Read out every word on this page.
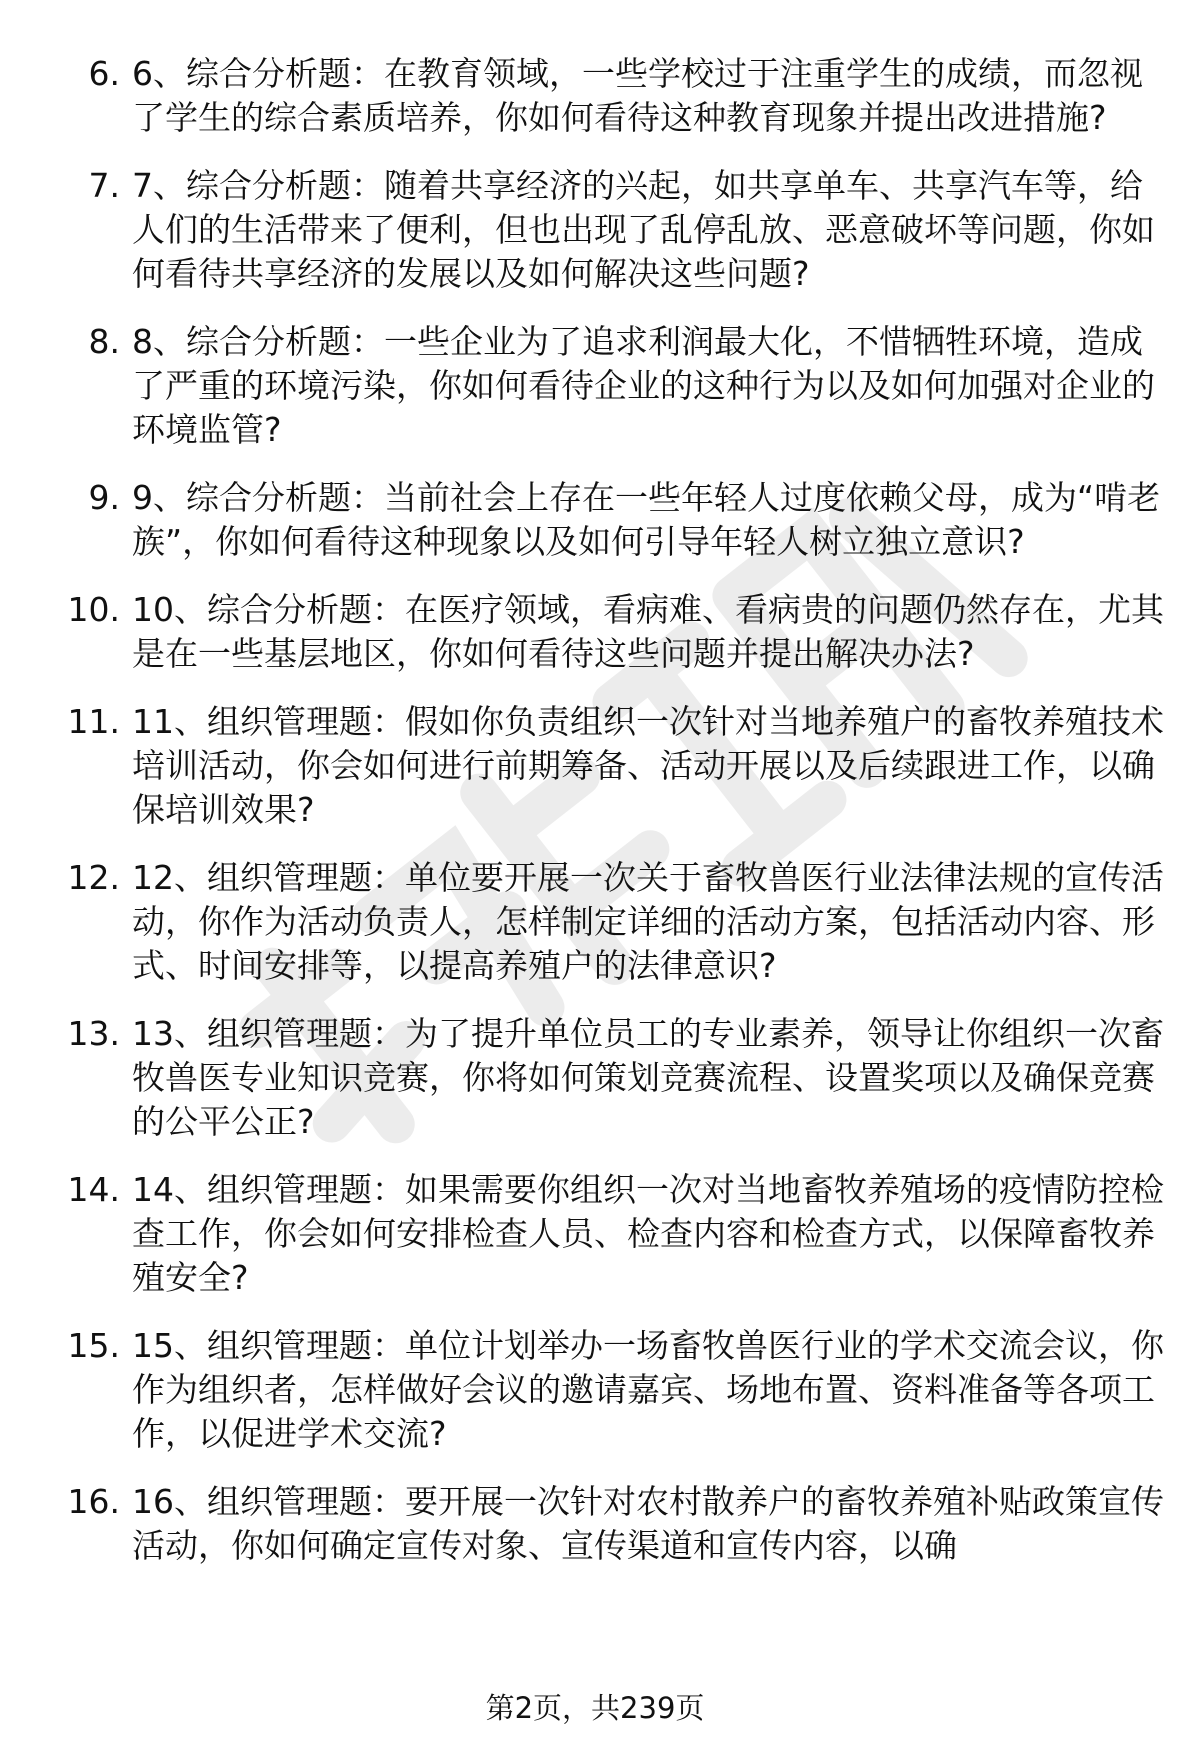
6. 6、综合分析题：在教育领域，一些学校过于注重学生的成绩，而忽视了学生的综合素质培养，你如何看待这种教育现象并提出改进措施?
7. 7、综合分析题：随着共享经济的兴起，如共享单车、共享汽车等，给人们的生活带来了便利，但也出现了乱停乱放、恶意破坏等问题，你如何看待共享经济的发展以及如何解决这些问题?
8. 8、综合分析题：一些企业为了追求利润最大化，不惜牺牲环境，造成了严重的环境污染，你如何看待企业的这种行为以及如何加强对企业的环境监管?
9. 9、综合分析题：当前社会上存在一些年轻人过度依赖父母，成为“啃老族”，你如何看待这种现象以及如何引导年轻人树立独立意识?
10. 10、综合分析题：在医疗领域，看病难、看病贵的问题仍然存在，尤其是在一些基层地区，你如何看待这些问题并提出解决办法?
11. 11、组织管理题：假如你负责组织一次针对当地养殖户的畜牧养殖技术培训活动，你会如何进行前期筹备、活动开展以及后续跟进工作，以确保培训效果?
12. 12、组织管理题：单位要开展一次关于畜牧兽医行业法律法规的宣传活动，你作为活动负责人，怎样制定详细的活动方案，包括活动内容、形式、时间安排等，以提高养殖户的法律意识?
13. 13、组织管理题：为了提升单位员工的专业素养，领导让你组织一次畜牧兽医专业知识竞赛，你将如何策划竞赛流程、设置奖项以及确保竞赛的公平公正?
14. 14、组织管理题：如果需要你组织一次对当地畜牧养殖场的疫情防控检查工作，你会如何安排检查人员、检查内容和检查方式，以保障畜牧养殖安全?
15. 15、组织管理题：单位计划举办一场畜牧兽医行业的学术交流会议，你作为组织者，怎样做好会议的邀请嘉宾、场地布置、资料准备等各项工作，以促进学术交流?
16. 16、组织管理题：要开展一次针对农村散养户的畜牧养殖补贴政策宣传活动，你如何确定宣传对象、宣传渠道和宣传内容，以确
第2页，共239页
